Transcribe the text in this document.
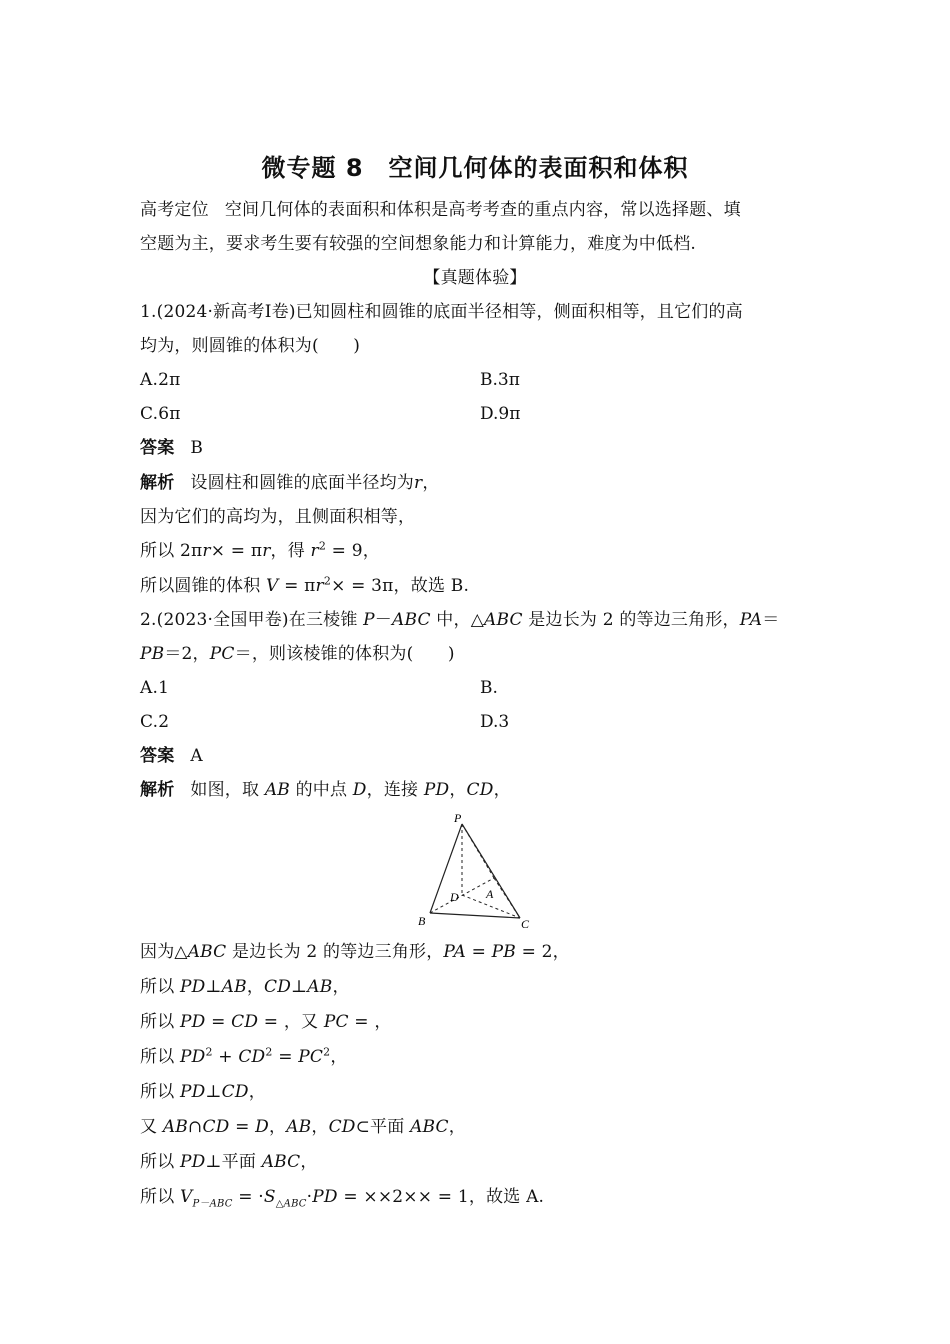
微专题 8　空间几何体的表面积和体积
高考定位 空间几何体的表面积和体积是高考考查的重点内容，常以选择题、填
空题为主，要求考生要有较强的空间想象能力和计算能力，难度为中低档.
【真题体验】
1.(2024·新高考Ⅰ卷)已知圆柱和圆锥的底面半径相等，侧面积相等，且它们的高
均为，则圆锥的体积为(　　)
A.2π	B.3π
C.6π	D.9π
答案 B
解析 设圆柱和圆锥的底面半径均为r，
因为它们的高均为，且侧面积相等，
所以 2πr× = πr，得 $r^2 = 9$，
所以圆锥的体积 $V = \pi r^2\times = 3\pi$，故选 B.
2.(2023·全国甲卷)在三棱锥 P－ABC 中，△ABC 是边长为 2 的等边三角形，PA＝
PB＝2，PC＝，则该棱锥的体积为(　　)
A.1	B.
C.2	D.3
答案 A
解析 如图，取 AB 的中点 D，连接 PD，CD，
P
D A
B	C
因为△ABC 是边长为 2 的等边三角形，PA = PB = 2，
所以 PD⊥AB，CD⊥AB，
所以 PD = CD = ，又 PC = ，
所以 $PD^2 + CD^2 = PC^2$，
所以 PD⊥CD，
又 AB∩CD = D，AB，CD⊂平面 ABC，
所以 PD⊥平面 ABC，
所以 $V_{P-ABC} = \cdot S_{\triangle ABC}\cdot PD = \times\times 2\times\times = 1$，故选 A.
